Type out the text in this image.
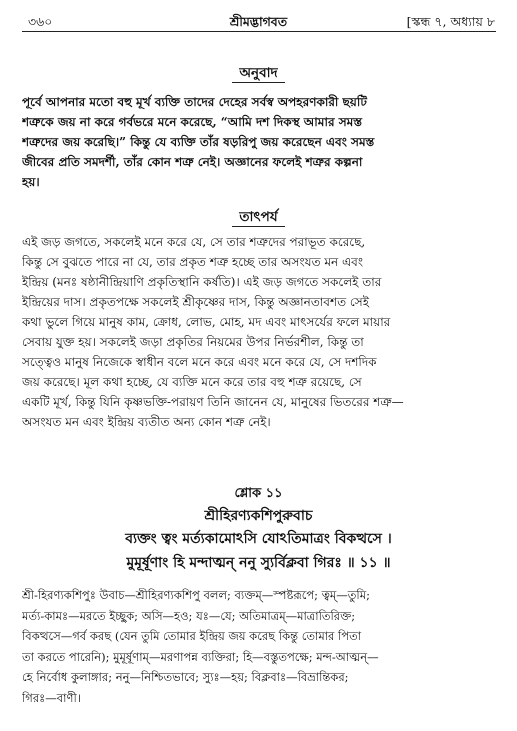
৩৬০	শ্রীমদ্ভাগবত	[স্কন্ধ ৭, অধ্যায় ৮
অনুবাদ
পূর্বে আপনার মতো বহু মূর্খ ব্যক্তি তাদের দেহের সর্বস্ব অপহরণকারী ছয়টি
শত্রুকে জয় না করে গর্বভরে মনে করেছে, “আমি দশ দিকস্থ আমার সমস্ত
শত্রুদের জয় করেছি।” কিন্তু যে ব্যক্তি তাঁর ষড়রিপু জয় করেছেন এবং সমস্ত
জীবের প্রতি সমদর্শী, তাঁর কোন শত্রু নেই। অজ্ঞানের ফলেই শত্রুর কল্পনা
হয়।
তাৎপর্য
এই জড় জগতে, সকলেই মনে করে যে, সে তার শত্রুদের পরাভূত করেছে,
কিন্তু সে বুঝতে পারে না যে, তার প্রকৃত শত্রু হচ্ছে তার অসংযত মন এবং
ইন্দ্রিয় (মনঃ ষষ্ঠানীন্দ্রিয়াণি প্রকৃতিস্থানি কর্ষতি)। এই জড় জগতে সকলেই তার
ইন্দ্রিয়ের দাস। প্রকৃতপক্ষে সকলেই শ্রীকৃষ্ণের দাস, কিন্তু অজ্ঞানতাবশত সেই
কথা ভুলে গিয়ে মানুষ কাম, ক্রোধ, লোভ, মোহ, মদ এবং মাৎসর্যের ফলে মায়ার
সেবায় যুক্ত হয়। সকলেই জড়া প্রকৃতির নিয়মের উপর নির্ভরশীল, কিন্তু তা
সত্ত্বেও মানুষ নিজেকে স্বাধীন বলে মনে করে এবং মনে করে যে, সে দশদিক
জয় করেছে। মূল কথা হচ্ছে, যে ব্যক্তি মনে করে তার বহু শত্রু রয়েছে, সে
একটি মূর্খ, কিন্তু যিনি কৃষ্ণভক্তি-পরায়ণ তিনি জানেন যে, মানুষের ভিতরের শত্রু—
অসংযত মন এবং ইন্দ্রিয় ব্যতীত অন্য কোন শত্রু নেই।
শ্লোক ১১
শ্রীহিরণ্যকশিপুরুবাচ
ব্যক্তং ত্বং মর্ত্যকামোঽসি যোঽতিমাত্রং বিকত্থসে ।
মুমূর্ষূণাং হি মন্দাত্মন্ ননু স্যুর্বিক্লবা গিরঃ ॥ ১১ ॥
শ্রী-হিরণ্যকশিপুঃ উবাচ—শ্রীহিরণ্যকশিপু বলল; ব্যক্তম্—স্পষ্টরূপে; ত্বম্—তুমি;
মর্ত্য-কামঃ—মরতে ইচ্ছুক; অসি—হও; যঃ—যে; অতিমাত্রম্—মাত্রাতিরিক্ত;
বিকত্থসে—গর্ব করছ (যেন তুমি তোমার ইন্দ্রিয় জয় করেছ কিন্তু তোমার পিতা
তা করতে পারেনি); মুমূর্ষূণাম্—মরণাপন্ন ব্যক্তিরা; হি—বস্তুতপক্ষে; মন্দ-আত্মন্—
হে নির্বোধ কুলাঙ্গার; ননু—নিশ্চিতভাবে; স্যুঃ—হয়; বিক্লবাঃ—বিভ্রান্তিকর;
গিরঃ—বাণী।
